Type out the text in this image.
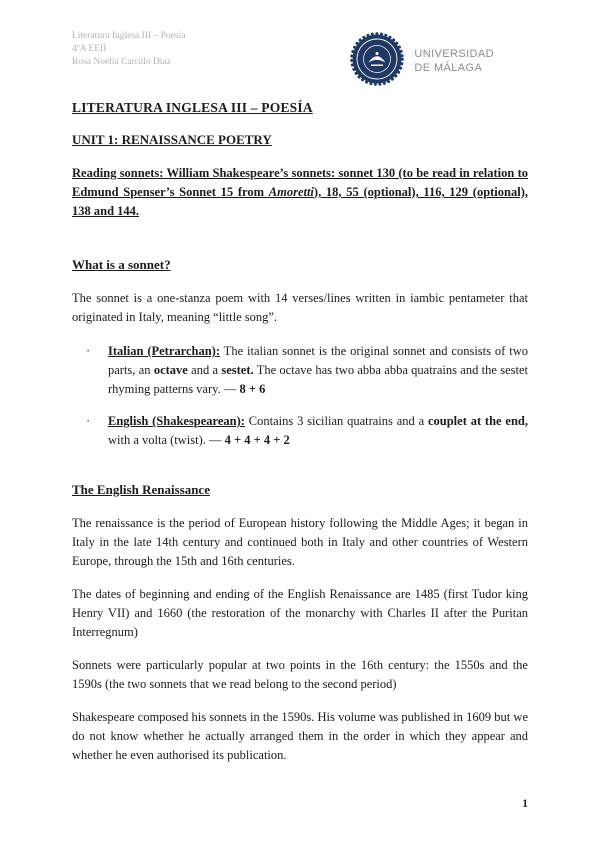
Literatura Inglesa III – Poesía
4ºA EEII
Rosa Noelia Carrillo Díaz
UNIVERSIDAD
DE MÁLAGA

LITERATURA INGLESA III – POESÍA

UNIT 1: RENAISSANCE POETRY

Reading sonnets: William Shakespeare’s sonnets: sonnet 130 (to be read in relation to Edmund Spenser’s Sonnet 15 from Amoretti), 18, 55 (optional), 116, 129 (optional), 138 and 144.

What is a sonnet?

The sonnet is a one-stanza poem with 14 verses/lines written in iambic pentameter that originated in Italy, meaning “little song”.

·	Italian (Petrarchan): The italian sonnet is the original sonnet and consists of two parts, an octave and a sestet. The octave has two abba abba quatrains and the sestet rhyming patterns vary. — 8 + 6
·	English (Shakespearean): Contains 3 sicilian quatrains and a couplet at the end, with a volta (twist). — 4 + 4 + 4 + 2

The English Renaissance

The renaissance is the period of European history following the Middle Ages; it began in Italy in the late 14th century and continued both in Italy and other countries of Western Europe, through the 15th and 16th centuries.

The dates of beginning and ending of the English Renaissance are 1485 (first Tudor king Henry VII) and 1660 (the restoration of the monarchy with Charles II after the Puritan Interregnum)

Sonnets were particularly popular at two points in the 16th century: the 1550s and the 1590s (the two sonnets that we read belong to the second period)

Shakespeare composed his sonnets in the 1590s. His volume was published in 1609 but we do not know whether he actually arranged them in the order in which they appear and whether he even authorised its publication.

1
